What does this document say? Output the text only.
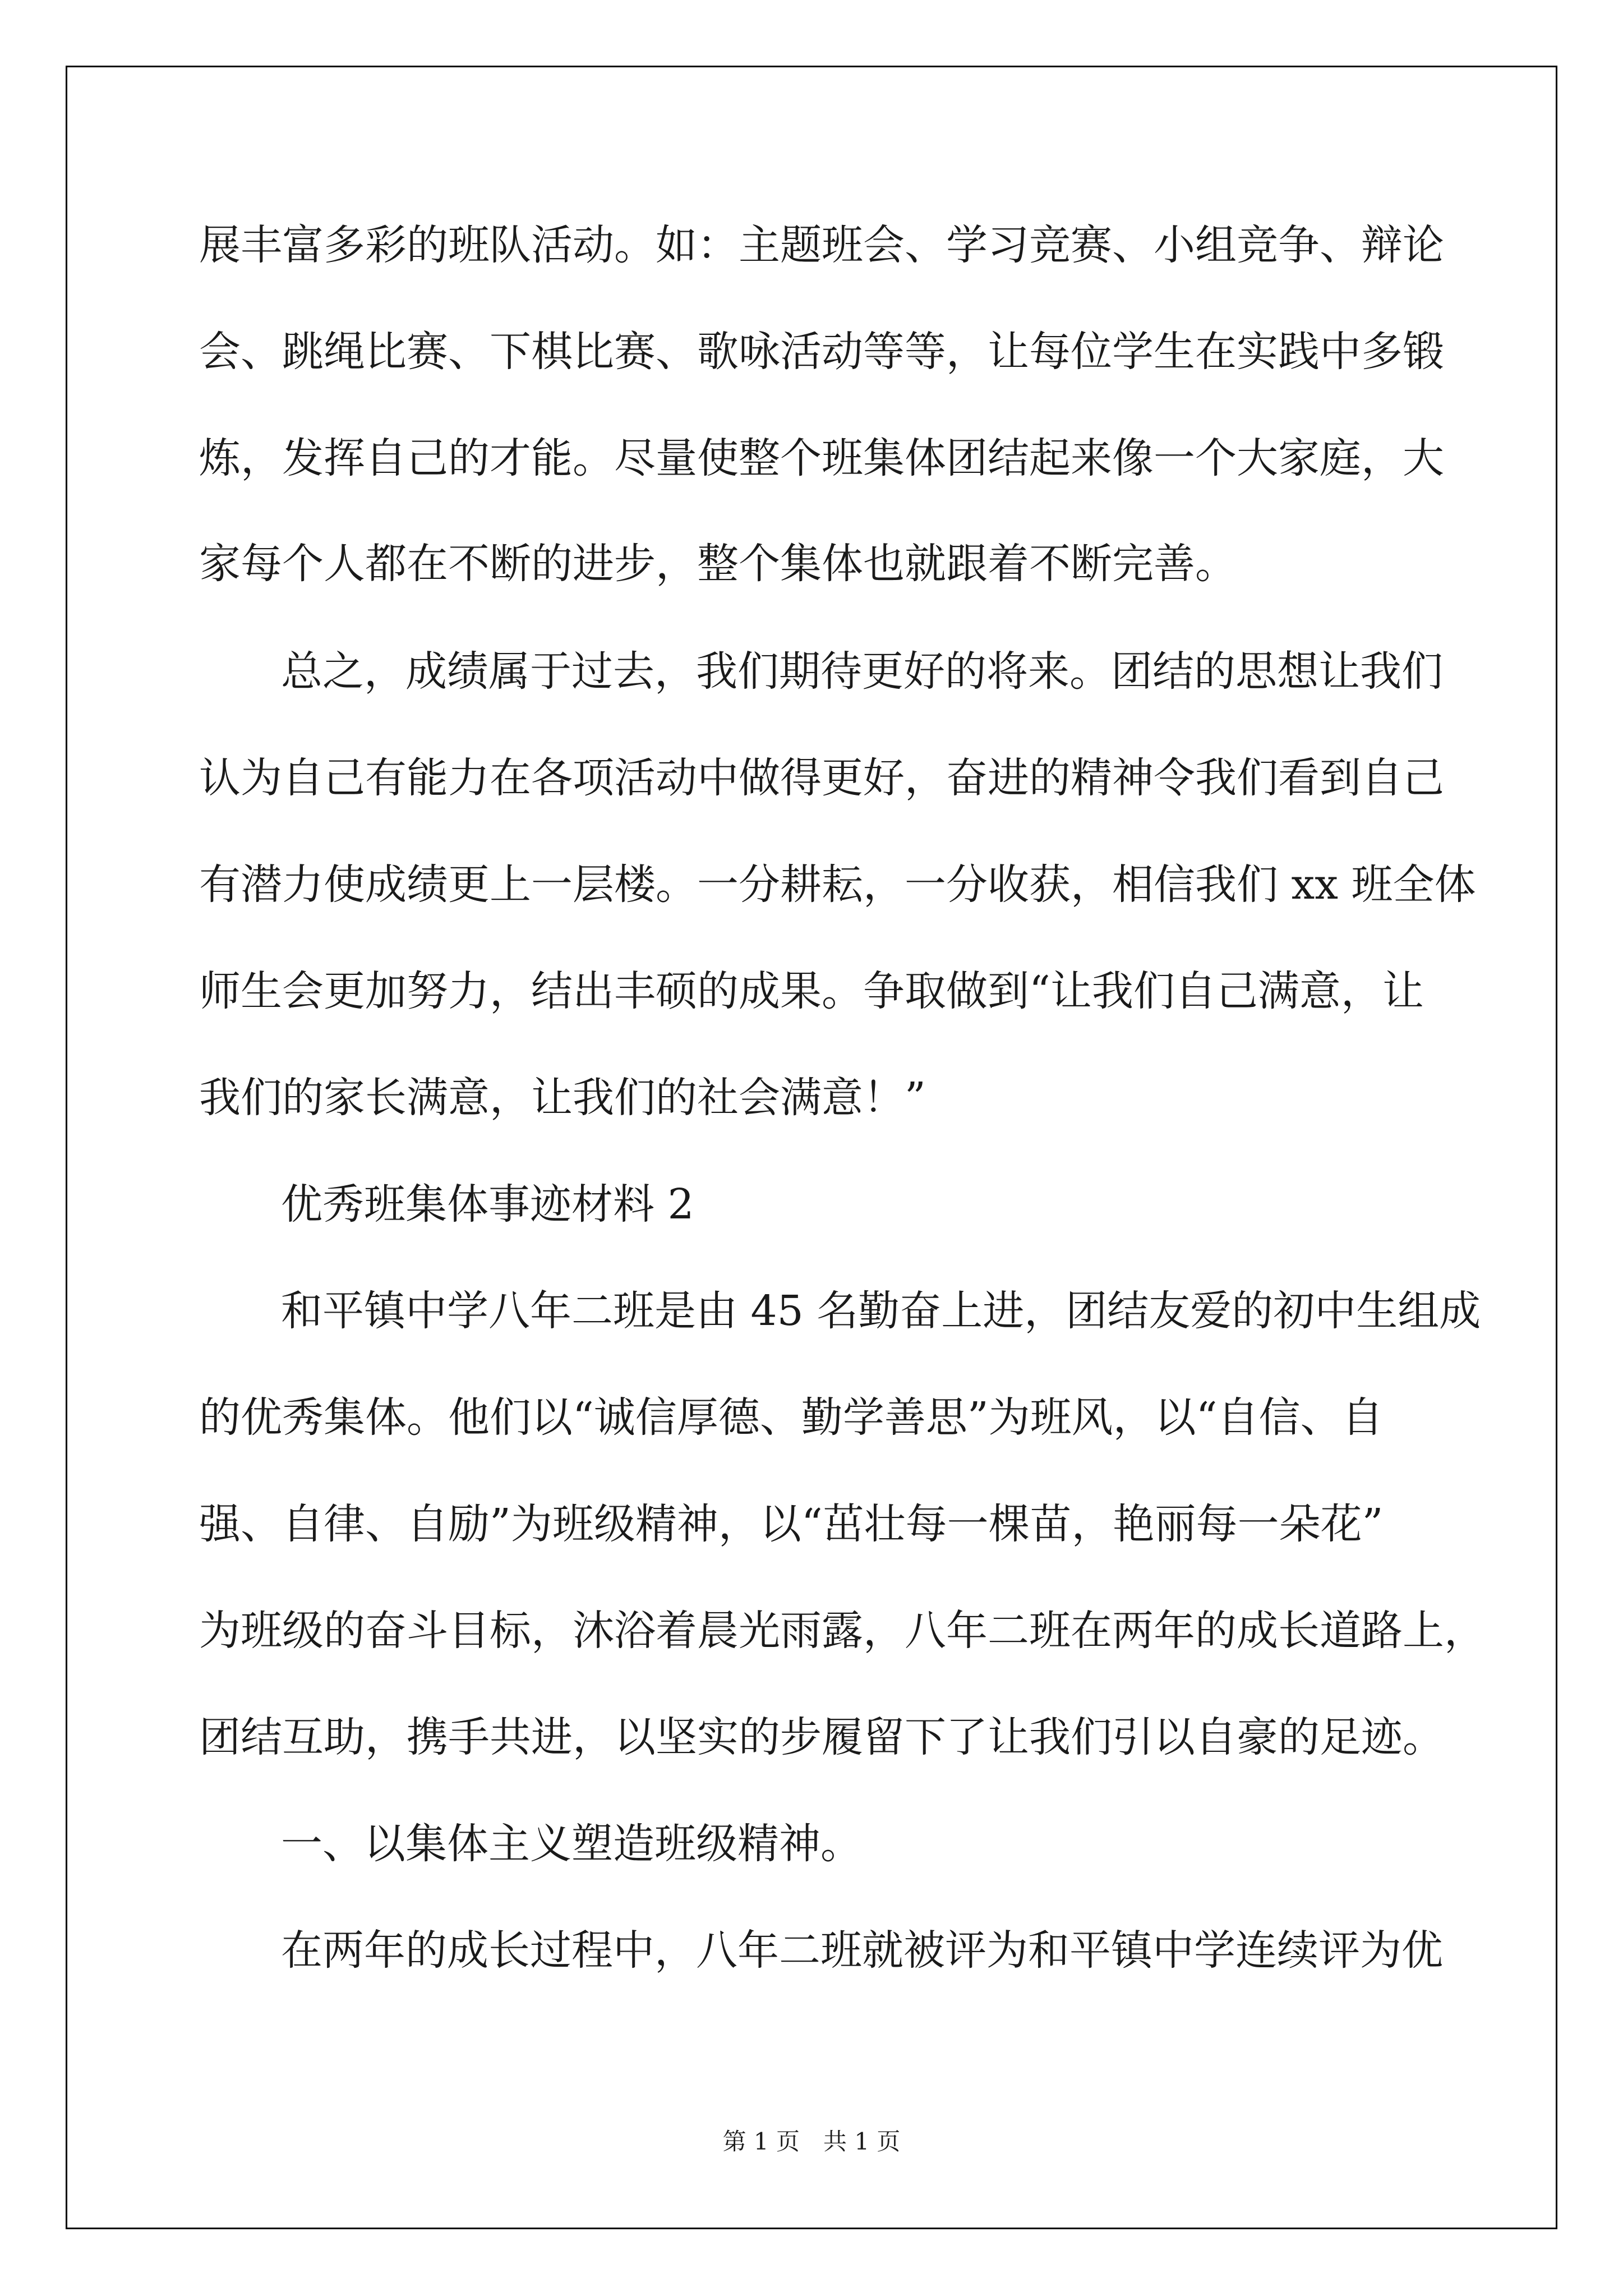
展丰富多彩的班队活动。如：主题班会、学习竞赛、小组竞争、辩论
会、跳绳比赛、下棋比赛、歌咏活动等等，让每位学生在实践中多锻
炼，发挥自己的才能。尽量使整个班集体团结起来像一个大家庭，大
家每个人都在不断的进步，整个集体也就跟着不断完善。
总之，成绩属于过去，我们期待更好的将来。团结的思想让我们
认为自己有能力在各项活动中做得更好，奋进的精神令我们看到自己
有潜力使成绩更上一层楼。一分耕耘，一分收获，相信我们 xx 班全体
师生会更加努力，结出丰硕的成果。争取做到“让我们自己满意，让
我们的家长满意，让我们的社会满意！”
优秀班集体事迹材料 2
和平镇中学八年二班是由 45 名勤奋上进，团结友爱的初中生组成
的优秀集体。他们以“诚信厚德、勤学善思”为班风，以“自信、自
强、自律、自励”为班级精神，以“茁壮每一棵苗，艳丽每一朵花”
为班级的奋斗目标，沐浴着晨光雨露，八年二班在两年的成长道路上，
团结互助，携手共进，以坚实的步履留下了让我们引以自豪的足迹。
一、以集体主义塑造班级精神。
在两年的成长过程中，八年二班就被评为和平镇中学连续评为优
第 1 页　共 1 页
